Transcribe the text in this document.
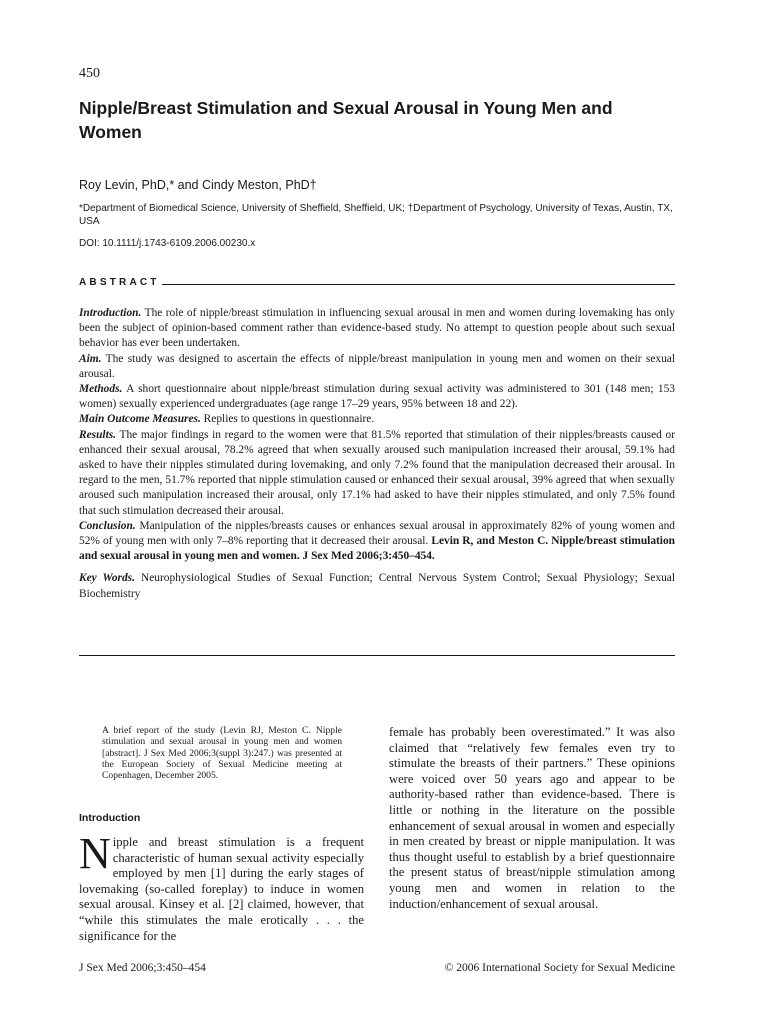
450
Nipple/Breast Stimulation and Sexual Arousal in Young Men and Women
Roy Levin, PhD,* and Cindy Meston, PhD†
*Department of Biomedical Science, University of Sheffield, Sheffield, UK; †Department of Psychology, University of Texas, Austin, TX, USA
DOI: 10.1111/j.1743-6109.2006.00230.x
ABSTRACT

Introduction. The role of nipple/breast stimulation in influencing sexual arousal in men and women during lovemaking has only been the subject of opinion-based comment rather than evidence-based study. No attempt to question people about such sexual behavior has ever been undertaken.

Aim. The study was designed to ascertain the effects of nipple/breast manipulation in young men and women on their sexual arousal.

Methods. A short questionnaire about nipple/breast stimulation during sexual activity was administered to 301 (148 men; 153 women) sexually experienced undergraduates (age range 17–29 years, 95% between 18 and 22).

Main Outcome Measures. Replies to questions in questionnaire.

Results. The major findings in regard to the women were that 81.5% reported that stimulation of their nipples/breasts caused or enhanced their sexual arousal, 78.2% agreed that when sexually aroused such manipulation increased their arousal, 59.1% had asked to have their nipples stimulated during lovemaking, and only 7.2% found that the manipulation decreased their arousal. In regard to the men, 51.7% reported that nipple stimulation caused or enhanced their sexual arousal, 39% agreed that when sexually aroused such manipulation increased their arousal, only 17.1% had asked to have their nipples stimulated, and only 7.5% found that such stimulation decreased their arousal.

Conclusion. Manipulation of the nipples/breasts causes or enhances sexual arousal in approximately 82% of young women and 52% of young men with only 7–8% reporting that it decreased their arousal. Levin R, and Meston C. Nipple/breast stimulation and sexual arousal in young men and women. J Sex Med 2006;3:450–454.

Key Words. Neurophysiological Studies of Sexual Function; Central Nervous System Control; Sexual Physiology; Sexual Biochemistry

A brief report of the study (Levin RJ, Meston C. Nipple stimulation and sexual arousal in young men and women [abstract]. J Sex Med 2006;3(suppl 3):247.) was presented at the European Society of Sexual Medicine meeting at Copenhagen, December 2005.
Introduction
Nipple and breast stimulation is a frequent characteristic of human sexual activity especially employed by men [1] during the early stages of lovemaking (so-called foreplay) to induce in women sexual arousal. Kinsey et al. [2] claimed, however, that “while this stimulates the male erotically . . . the significance for the
female has probably been overestimated.” It was also claimed that “relatively few females even try to stimulate the breasts of their partners.” These opinions were voiced over 50 years ago and appear to be authority-based rather than evidence-based. There is little or nothing in the literature on the possible enhancement of sexual arousal in women and especially in men created by breast or nipple manipulation. It was thus thought useful to establish by a brief questionnaire the present status of breast/nipple stimulation among young men and women in relation to the induction/enhancement of sexual arousal.
J Sex Med 2006;3:450–454	© 2006 International Society for Sexual Medicine
